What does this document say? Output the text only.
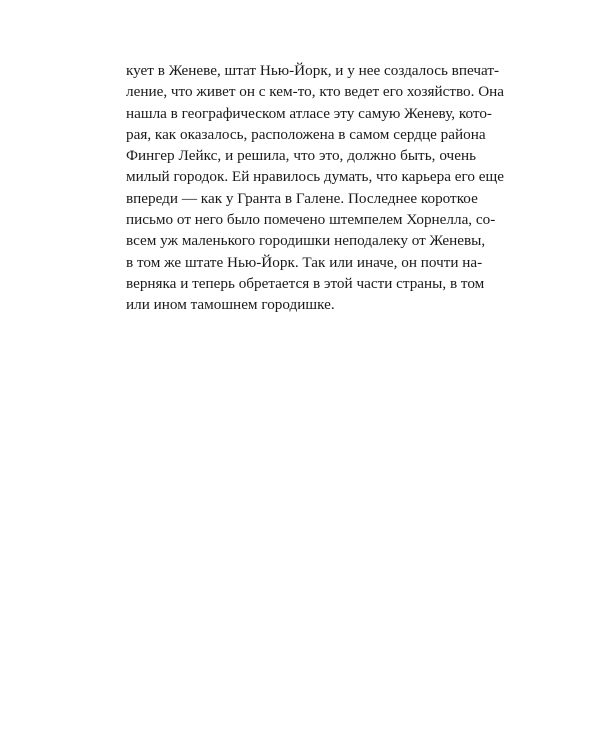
кует в Женеве, штат Нью-Йорк, и у нее создалось впечат-
ление, что живет он с кем-то, кто ведет его хозяйство. Она
нашла в географическом атласе эту самую Женеву, кото-
рая, как оказалось, расположена в самом сердце района
Фингер Лейкс, и решила, что это, должно быть, очень
милый городок. Ей нравилось думать, что карьера его еще
впереди — как у Гранта в Галене. Последнее короткое
письмо от него было помечено штемпелем Хорнелла, со-
всем уж маленького городишки неподалеку от Женевы,
в том же штате Нью-Йорк. Так или иначе, он почти на-
верняка и теперь обретается в этой части страны, в том
или ином тамошнем городишке.
